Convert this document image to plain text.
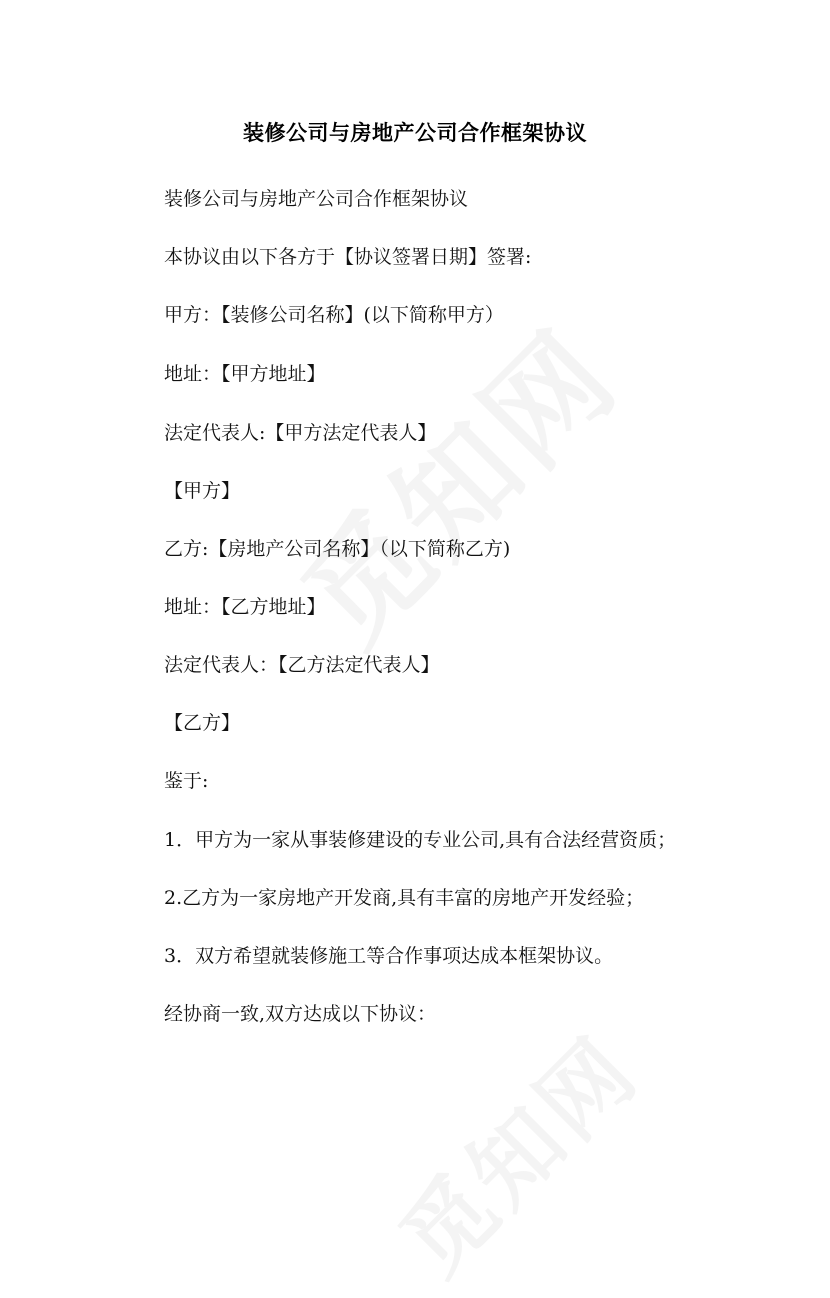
装修公司与房地产公司合作框架协议
装修公司与房地产公司合作框架协议
本协议由以下各方于【协议签署日期】签署:
甲方：【装修公司名称】(以下简称甲方）
地址：【甲方地址】
法定代表人:【甲方法定代表人】
【甲方】
乙方:【房地产公司名称】（以下简称乙方)
地址：【乙方地址】
法定代表人：【乙方法定代表人】
【乙方】
鉴于:
1．甲方为一家从事装修建设的专业公司,具有合法经营资质；
2.乙方为一家房地产开发商,具有丰富的房地产开发经验；
3．双方希望就装修施工等合作事项达成本框架协议。
经协商一致,双方达成以下协议：
